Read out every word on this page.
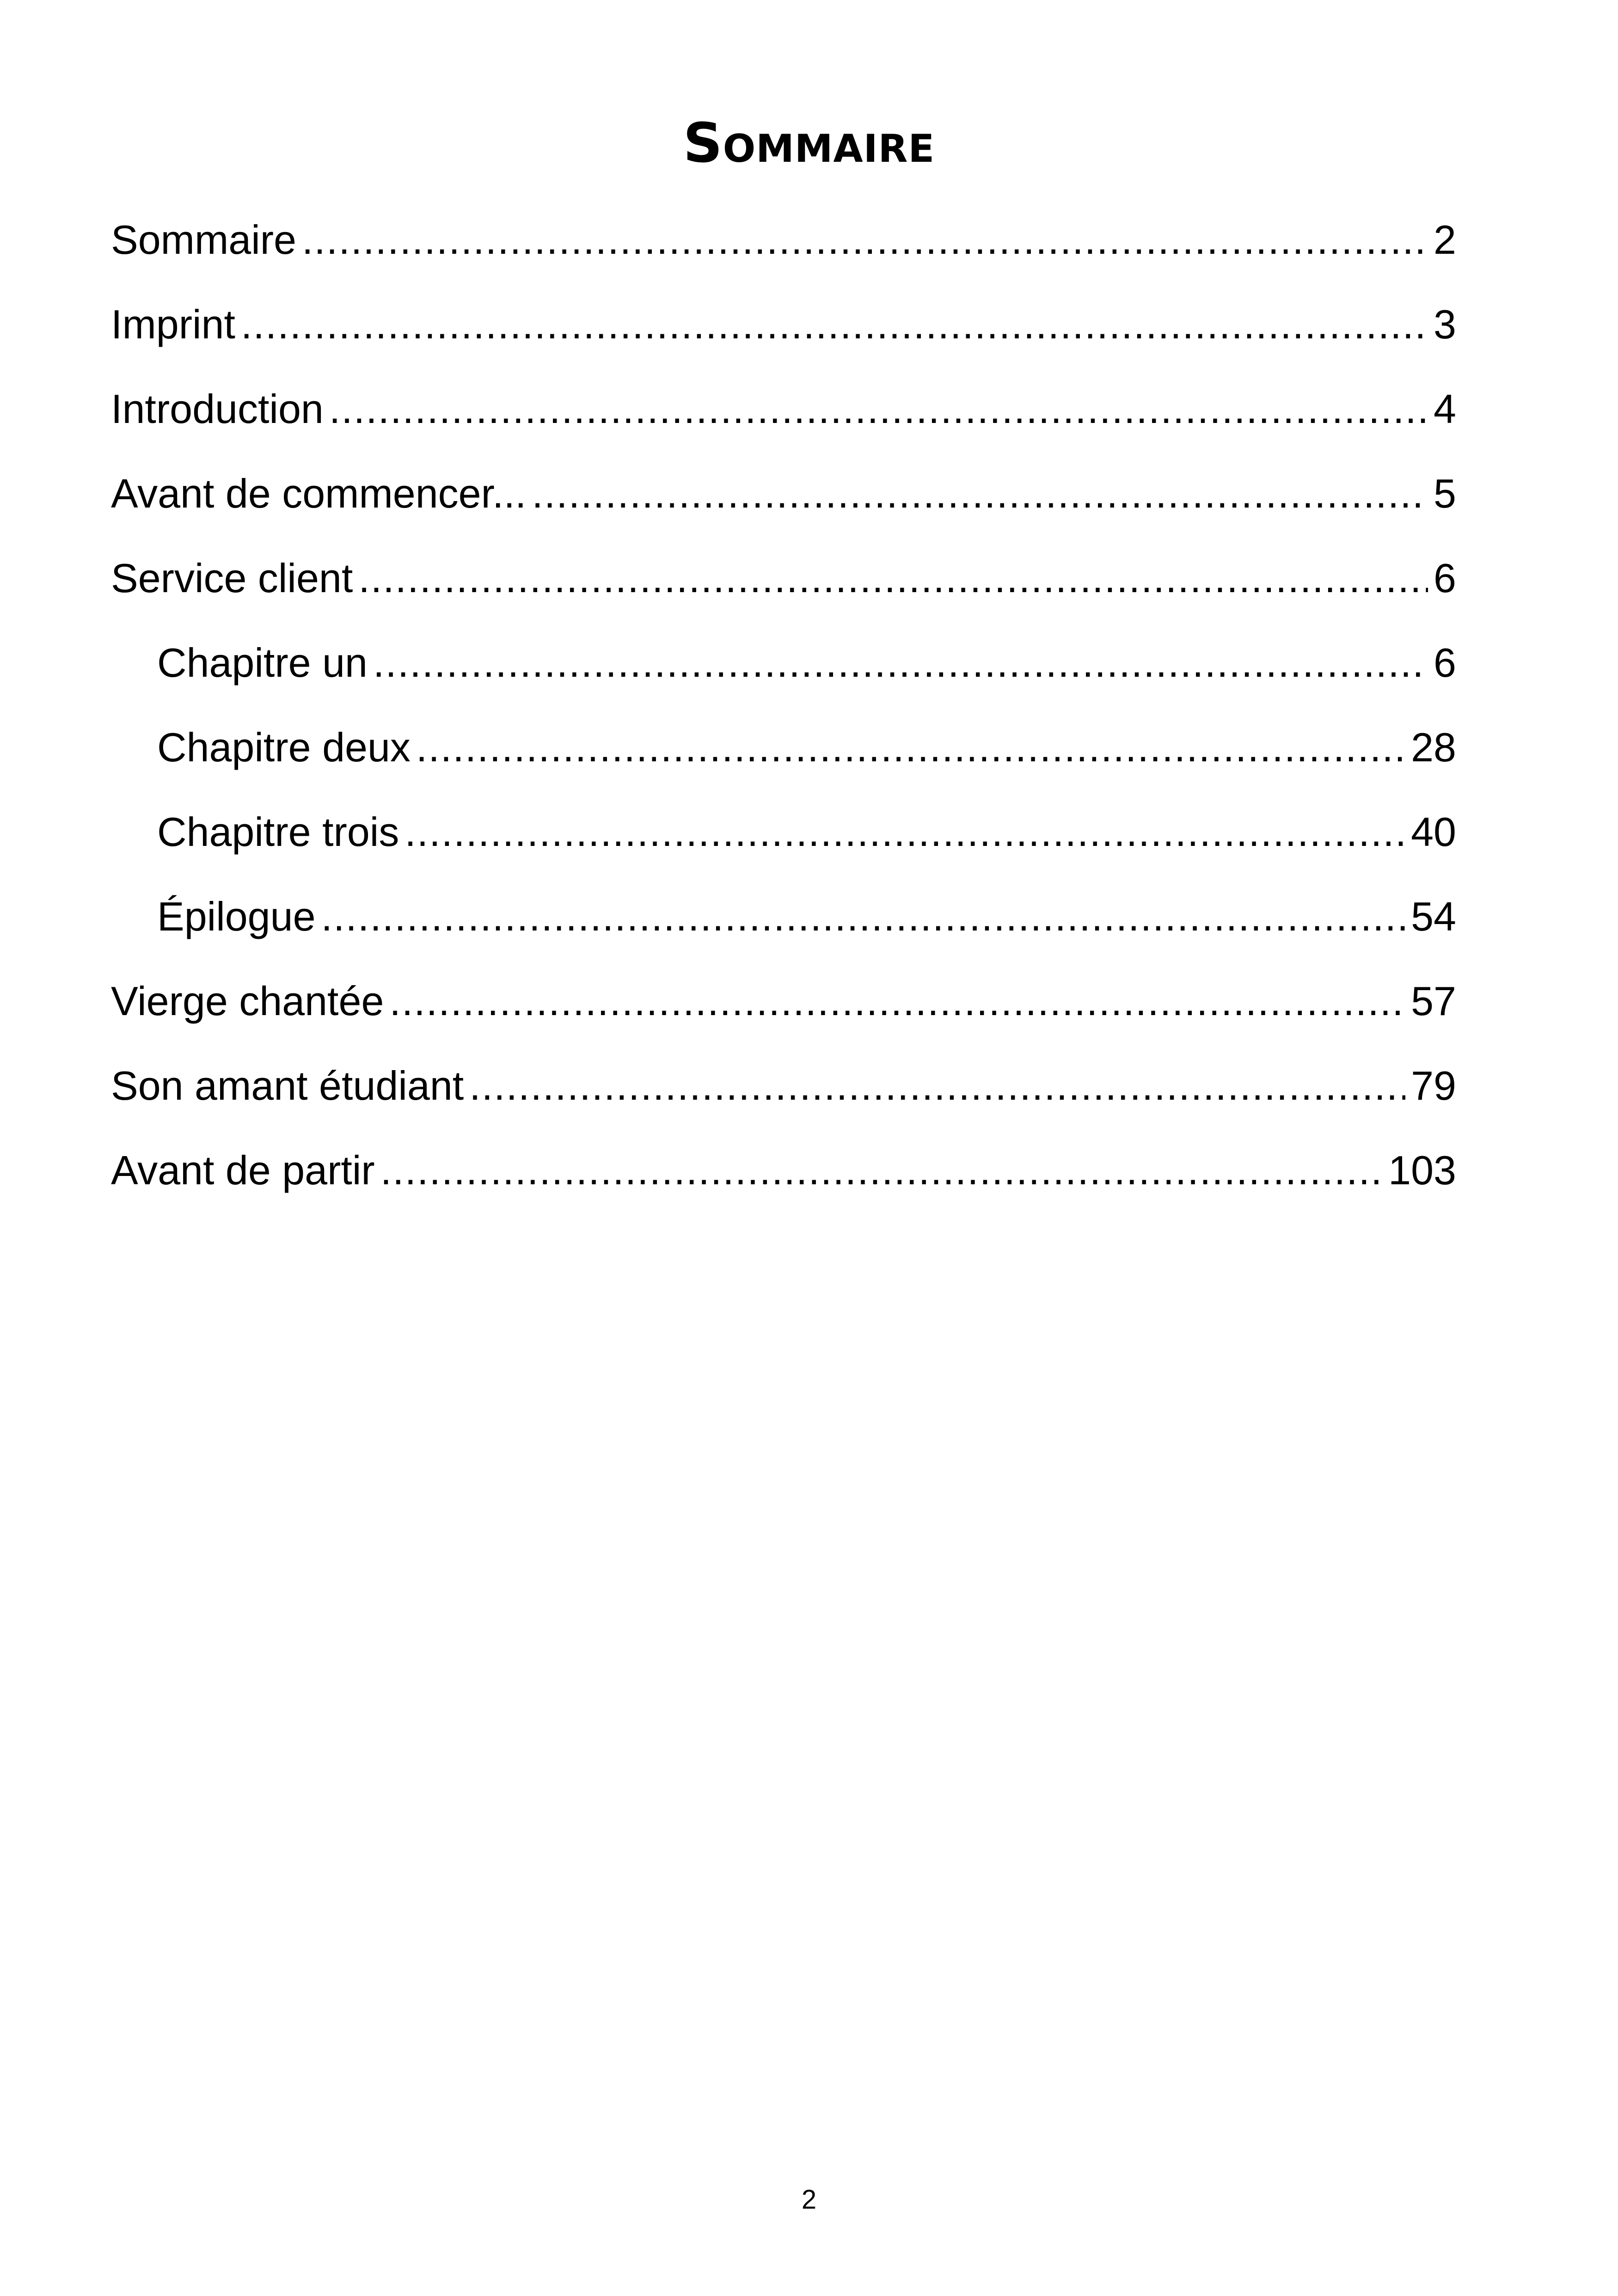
Sommaire
Sommaire .....	2
Imprint .....	3
Introduction .....	4
Avant de commencer... .....	5
Service client .....	6
Chapitre un .....	6
Chapitre deux .....	28
Chapitre trois .....	40
Épilogue .....	54
Vierge chantée .....	57
Son amant étudiant .....	79
Avant de partir .....	103
2
